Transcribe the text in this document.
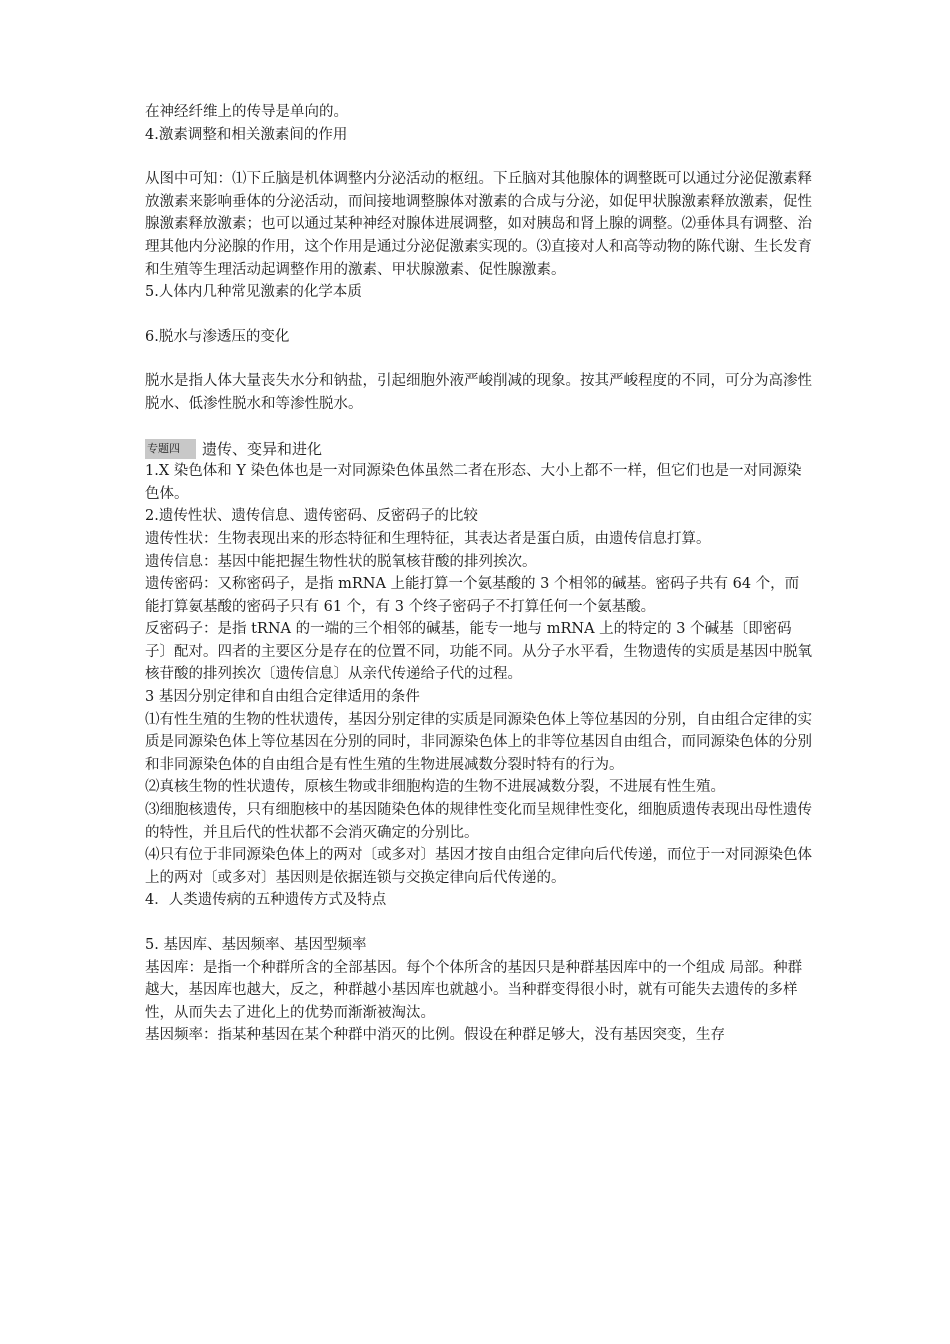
在神经纤维上的传导是单向的。

4.激素调整和相关激素间的作用

从图中可知：⑴下丘脑是机体调整内分泌活动的枢纽。下丘脑对其他腺体的调整既可以通过分泌促激素释放激素来影响垂体的分泌活动，而间接地调整腺体对激素的合成与分泌，如促甲状腺激素释放激素，促性腺激素释放激素；也可以通过某种神经对腺体进展调整，如对胰岛和肾上腺的调整。⑵垂体具有调整、治理其他内分泌腺的作用，这个作用是通过分泌促激素实现的。⑶直接对人和高等动物的陈代谢、生长发育和生殖等生理活动起调整作用的激素、甲状腺激素、促性腺激素。

5.人体内几种常见激素的化学本质

6.脱水与渗透压的变化

脱水是指人体大量丧失水分和钠盐，引起细胞外液严峻削减的现象。按其严峻程度的不同，可分为高渗性脱水、低渗性脱水和等渗性脱水。

专题四	遗传、变异和进化

1.X 染色体和 Y 染色体也是一对同源染色体虽然二者在形态、大小上都不一样，但它们也是一对同源染色体。

2.遗传性状、遗传信息、遗传密码、反密码子的比较

遗传性状：生物表现出来的形态特征和生理特征，其表达者是蛋白质，由遗传信息打算。

遗传信息：基因中能把握生物性状的脱氧核苷酸的排列挨次。

遗传密码：又称密码子，是指 mRNA 上能打算一个氨基酸的 3 个相邻的碱基。密码子共有 64 个，而能打算氨基酸的密码子只有 61 个，有 3 个终子密码子不打算任何一个氨基酸。

反密码子：是指 tRNA 的一端的三个相邻的碱基，能专一地与 mRNA 上的特定的 3 个碱基〔即密码子〕配对。四者的主要区分是存在的位置不同，功能不同。从分子水平看，生物遗传的实质是基因中脱氧核苷酸的排列挨次〔遗传信息〕从亲代传递给子代的过程。

3 基因分别定律和自由组合定律适用的条件

⑴有性生殖的生物的性状遗传，基因分别定律的实质是同源染色体上等位基因的分别，自由组合定律的实质是同源染色体上等位基因在分别的同时，非同源染色体上的非等位基因自由组合，而同源染色体的分别和非同源染色体的自由组合是有性生殖的生物进展减数分裂时特有的行为。

⑵真核生物的性状遗传，原核生物或非细胞构造的生物不进展减数分裂，不进展有性生殖。

⑶细胞核遗传，只有细胞核中的基因随染色体的规律性变化而呈规律性变化，细胞质遗传表现出母性遗传的特性，并且后代的性状都不会消灭确定的分别比。

⑷只有位于非同源染色体上的两对〔或多对〕基因才按自由组合定律向后代传递，而位于一对同源染色体上的两对〔或多对〕基因则是依据连锁与交换定律向后代传递的。

4．人类遗传病的五种遗传方式及特点

5. 基因库、基因频率、基因型频率

基因库：是指一个种群所含的全部基因。每个个体所含的基因只是种群基因库中的一个组成 局部。种群越大，基因库也越大，反之，种群越小基因库也就越小。当种群变得很小时，就有可能失去遗传的多样性，从而失去了进化上的优势而渐渐被淘汰。

基因频率：指某种基因在某个种群中消灭的比例。假设在种群足够大，没有基因突变，生存
